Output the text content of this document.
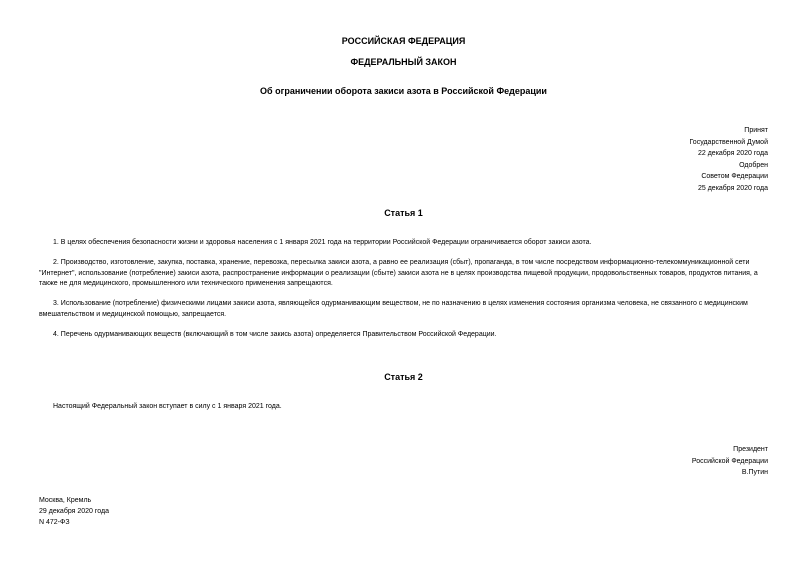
РОССИЙСКАЯ ФЕДЕРАЦИЯ
ФЕДЕРАЛЬНЫЙ ЗАКОН
Об ограничении оборота закиси азота в Российской Федерации
Принят
Государственной Думой
22 декабря 2020 года
Одобрен
Советом Федерации
25 декабря 2020 года
Статья 1

1. В целях обеспечения безопасности жизни и здоровья населения с 1 января 2021 года на территории Российской Федерации ограничивается оборот закиси азота.

2. Производство, изготовление, закупка, поставка, хранение, перевозка, пересылка закиси азота, а равно ее реализация (сбыт), пропаганда, в том числе посредством информационно-телекоммуникационной сети "Интернет", использование (потребление) закиси азота, распространение информации о реализации (сбыте) закиси азота не в целях производства пищевой продукции, продовольственных товаров, продуктов питания, а также не для медицинского, промышленного или технического применения запрещаются.

3. Использование (потребление) физическими лицами закиси азота, являющейся одурманивающим веществом, не по назначению в целях изменения состояния организма человека, не связанного с медицинским вмешательством и медицинской помощью, запрещается.

4. Перечень одурманивающих веществ (включающий в том числе закись азота) определяется Правительством Российской Федерации.

Статья 2

Настоящий Федеральный закон вступает в силу с 1 января 2021 года.

Президент
Российской Федерации
В.Путин
Москва, Кремль
29 декабря 2020 года
N 472-ФЗ
